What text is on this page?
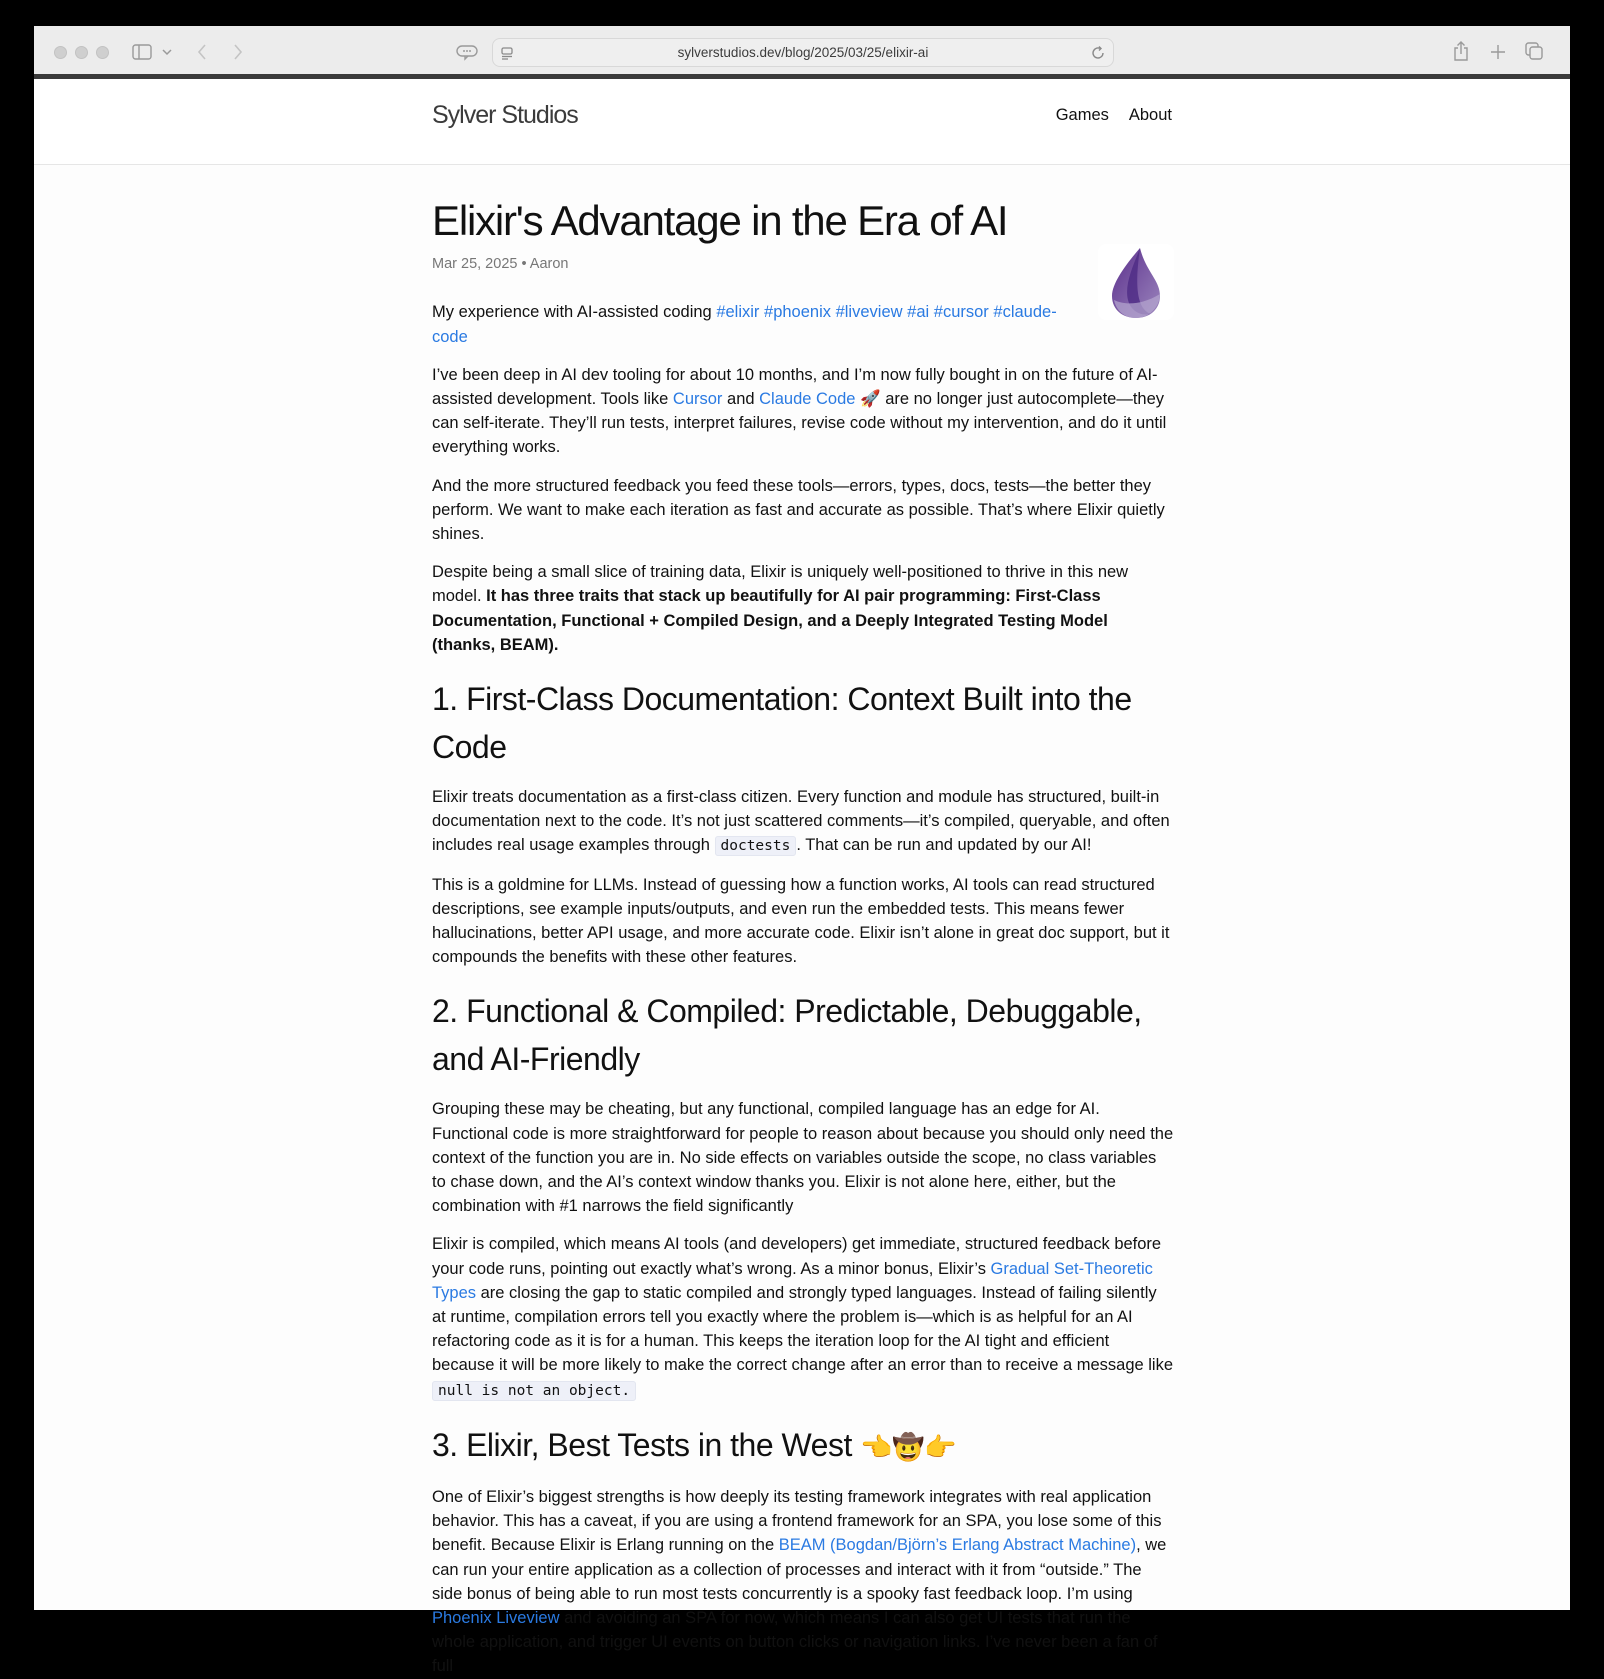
sylverstudios.dev/blog/2025/03/25/elixir-ai
Sylver Studios	Games About
Elixir's Advantage in the Era of AI
Mar 25, 2025 • Aaron

My experience with AI-assisted coding #elixir #phoenix #liveview #ai #cursor #claude-code

I’ve been deep in AI dev tooling for about 10 months, and I’m now fully bought in on the future of AI-assisted development. Tools like Cursor and Claude Code 🚀 are no longer just autocomplete—they can self-iterate. They’ll run tests, interpret failures, revise code without my intervention, and do it until everything works.

And the more structured feedback you feed these tools—errors, types, docs, tests—the better they perform. We want to make each iteration as fast and accurate as possible. That’s where Elixir quietly shines.

Despite being a small slice of training data, Elixir is uniquely well-positioned to thrive in this new model. It has three traits that stack up beautifully for AI pair programming: First-Class Documentation, Functional + Compiled Design, and a Deeply Integrated Testing Model (thanks, BEAM).

1. First-Class Documentation: Context Built into the Code

Elixir treats documentation as a first-class citizen. Every function and module has structured, built-in documentation next to the code. It’s not just scattered comments—it’s compiled, queryable, and often includes real usage examples through doctests . That can be run and updated by our AI!

This is a goldmine for LLMs. Instead of guessing how a function works, AI tools can read structured descriptions, see example inputs/outputs, and even run the embedded tests. This means fewer hallucinations, better API usage, and more accurate code. Elixir isn’t alone in great doc support, but it compounds the benefits with these other features.

2. Functional & Compiled: Predictable, Debuggable, and AI-Friendly

Grouping these may be cheating, but any functional, compiled language has an edge for AI. Functional code is more straightforward for people to reason about because you should only need the context of the function you are in. No side effects on variables outside the scope, no class variables to chase down, and the AI’s context window thanks you. Elixir is not alone here, either, but the combination with #1 narrows the field significantly

Elixir is compiled, which means AI tools (and developers) get immediate, structured feedback before your code runs, pointing out exactly what’s wrong. As a minor bonus, Elixir’s Gradual Set-Theoretic Types are closing the gap to static compiled and strongly typed languages. Instead of failing silently at runtime, compilation errors tell you exactly where the problem is—which is as helpful for an AI refactoring code as it is for a human. This keeps the iteration loop for the AI tight and efficient because it will be more likely to make the correct change after an error than to receive a message like null is not an object.

3. Elixir, Best Tests in the West 👈🤠👉

One of Elixir’s biggest strengths is how deeply its testing framework integrates with real application behavior. This has a caveat, if you are using a frontend framework for an SPA, you lose some of this benefit. Because Elixir is Erlang running on the BEAM (Bogdan/Björn’s Erlang Abstract Machine), we can run your entire application as a collection of processes and interact with it from “outside.” The side bonus of being able to run most tests concurrently is a spooky fast feedback loop. I’m using Phoenix Liveview and avoiding an SPA for now, which means I can also get UI tests that run the whole application, and trigger UI events on button clicks or navigation links. I’ve never been a fan of full
